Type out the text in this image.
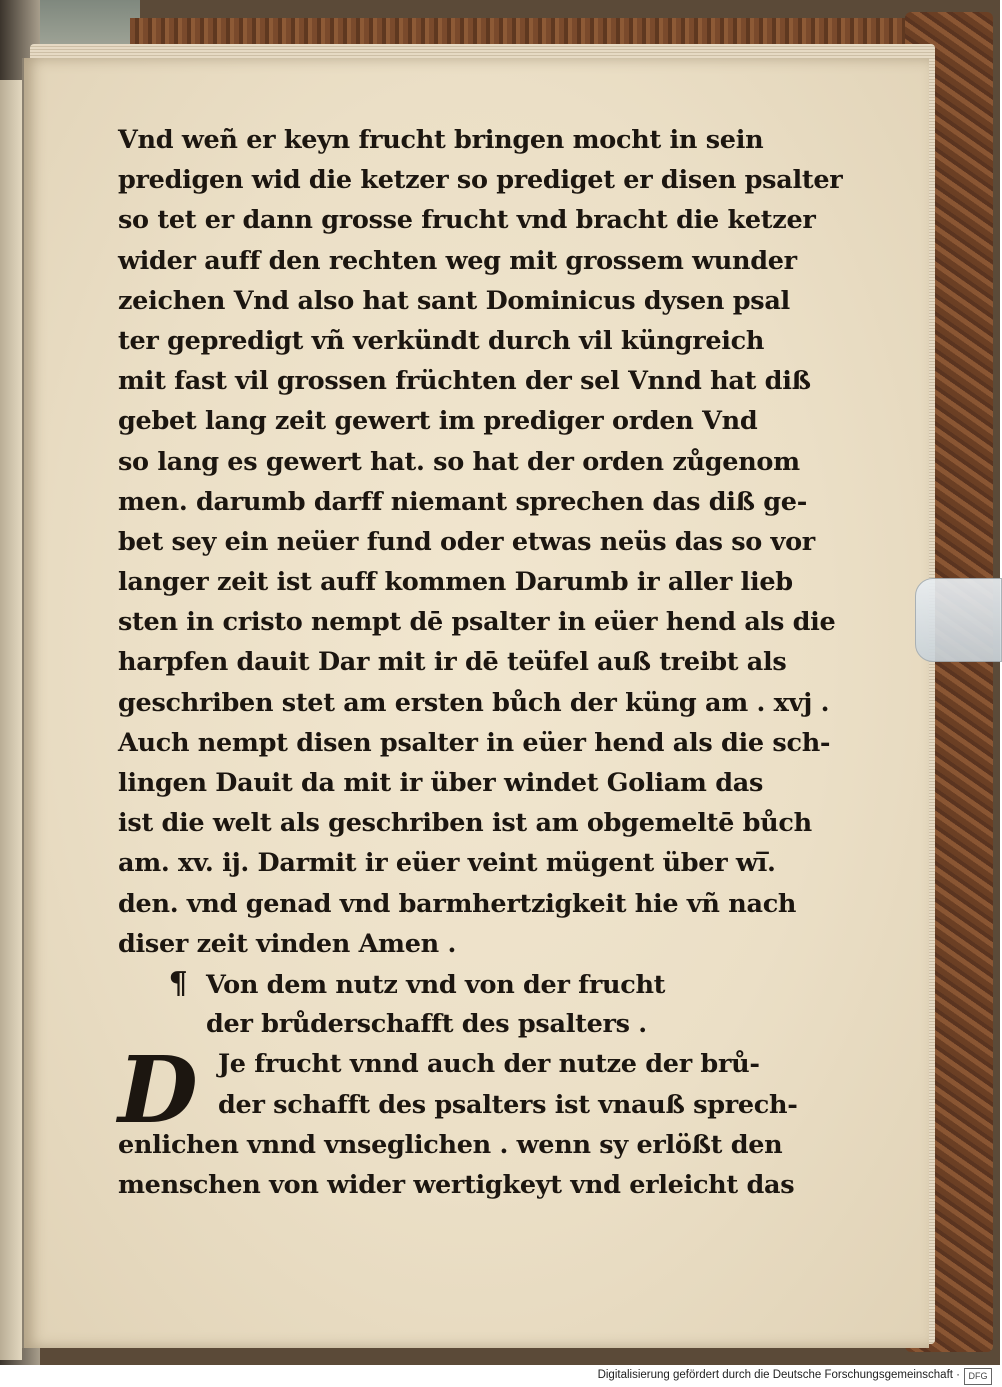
Vnd weñ er keyn frucht bringen mocht in sein
predigen wid die ketzer so prediget er disen psalter
so tet er dann grosse frucht vnd bracht die ketzer
wider auff den rechten weg mit grossem wunder
zeichen Vnd also hat sant Dominicus dysen psal
ter gepredigt vñ verkündt durch vil küngreich
mit fast vil grossen früchten der sel Vnnd hat diß
gebet lang zeit gewert im prediger orden Vnd
so lang es gewert hat. so hat der orden zůgenom
men. darumb darff niemant sprechen das diß ge-
bet sey ein neüer fund oder etwas neüs das so vor
langer zeit ist auff kommen Darumb ir aller lieb
sten in cristo nempt dē psalter in eüer hend als die
harpfen dauit Dar mit ir dē teüfel auß treibt als
geschriben stet am ersten bůch der küng am . xvj .
Auch nempt disen psalter in eüer hend als die sch-
lingen Dauit da mit ir über windet Goliam das
ist die welt als geschriben ist am obgemeltē bůch
am. xv. ij. Darmit ir eüer veint mügent über wi̅.
den. vnd genad vnd barmhertzigkeit hie vñ nach
diser zeit vinden Amen .
¶ Von dem nutz vnd von der frucht
der brůderschafft des psalters .
D Je frucht vnnd auch der nutze der brů-
der schafft des psalters ist vnauß sprech-
enlichen vnnd vnseglichen . wenn sy erlößt den
menschen von wider wertigkeyt vnd erleicht das
Digitalisierung gefördert durch die Deutsche Forschungsgemeinschaft · DFG
